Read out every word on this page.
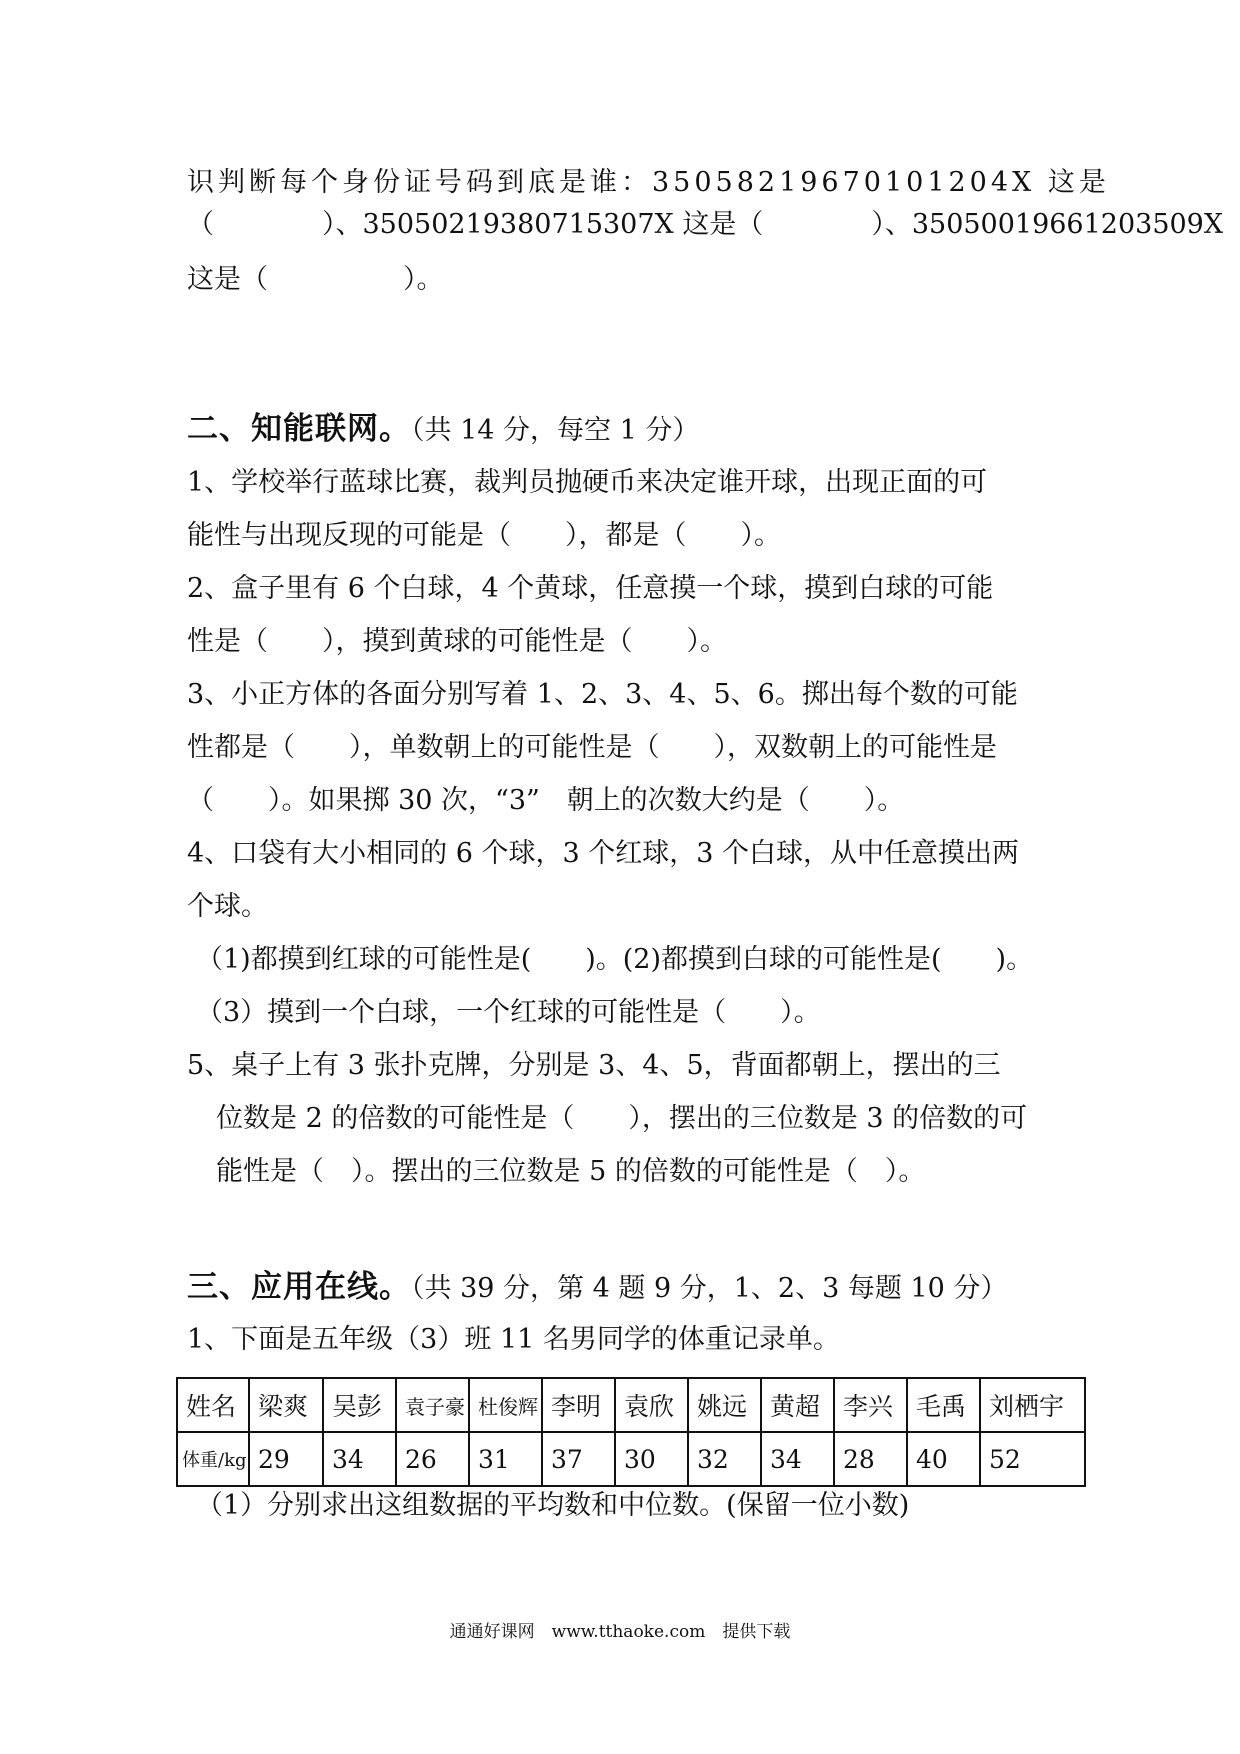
识判断每个身份证号码到底是谁：3505821967010120​4X 这是
（　　　　）、35050219380715307X 这是（　　　　）、35050019661203509X
这是（　　　　　）。
二、知能联网。（共 14 分，每空 1 分）
1、学校举行蓝球比赛，裁判员抛硬币来决定谁开球，出现正面的可
能性与出现反现的可能是（　　），都是（　　）。
2、盒子里有 6 个白球，4 个黄球，任意摸一个球，摸到白球的可能
性是（　　），摸到黄球的可能性是（　　）。
3、小正方体的各面分别写着 1、2、3、4、5、6。掷出每个数的可能
性都是（　　），单数朝上的可能性是（　　），双数朝上的可能性是
（　　）。如果掷 30 次，“3”　朝上的次数大约是（　　）。
4、口袋有大小相同的 6 个球，3 个红球，3 个白球，从中任意摸出两
个球。
（1)都摸到红球的可能性是(　　)。(2)都摸到白球的可能性是(　　)。
（3）摸到一个白球，一个红球的可能性是（　　）。
5、桌子上有 3 张扑克牌，分别是 3、4、5，背面都朝上，摆出的三
位数是 2 的倍数的可能性是（　　），摆出的三位数是 3 的倍数的可
能性是（　）。摆出的三位数是 5 的倍数的可能性是（　）。
三、应用在线。（共 39 分，第 4 题 9 分，1、2、3 每题 10 分）
1、下面是五年级（3）班 11 名男同学的体重记录单。
姓名	梁爽	吴彭	袁子豪	杜俊辉	李明	袁欣	姚远	黄超	李兴	毛禹	刘栖宇
体重/kg	29	34	26	31	37	30	32	34	28	40	52
（1）分别求出这组数据的平均数和中位数。(保留一位小数)
通通好课网　www.tthaoke.com　提供下载
